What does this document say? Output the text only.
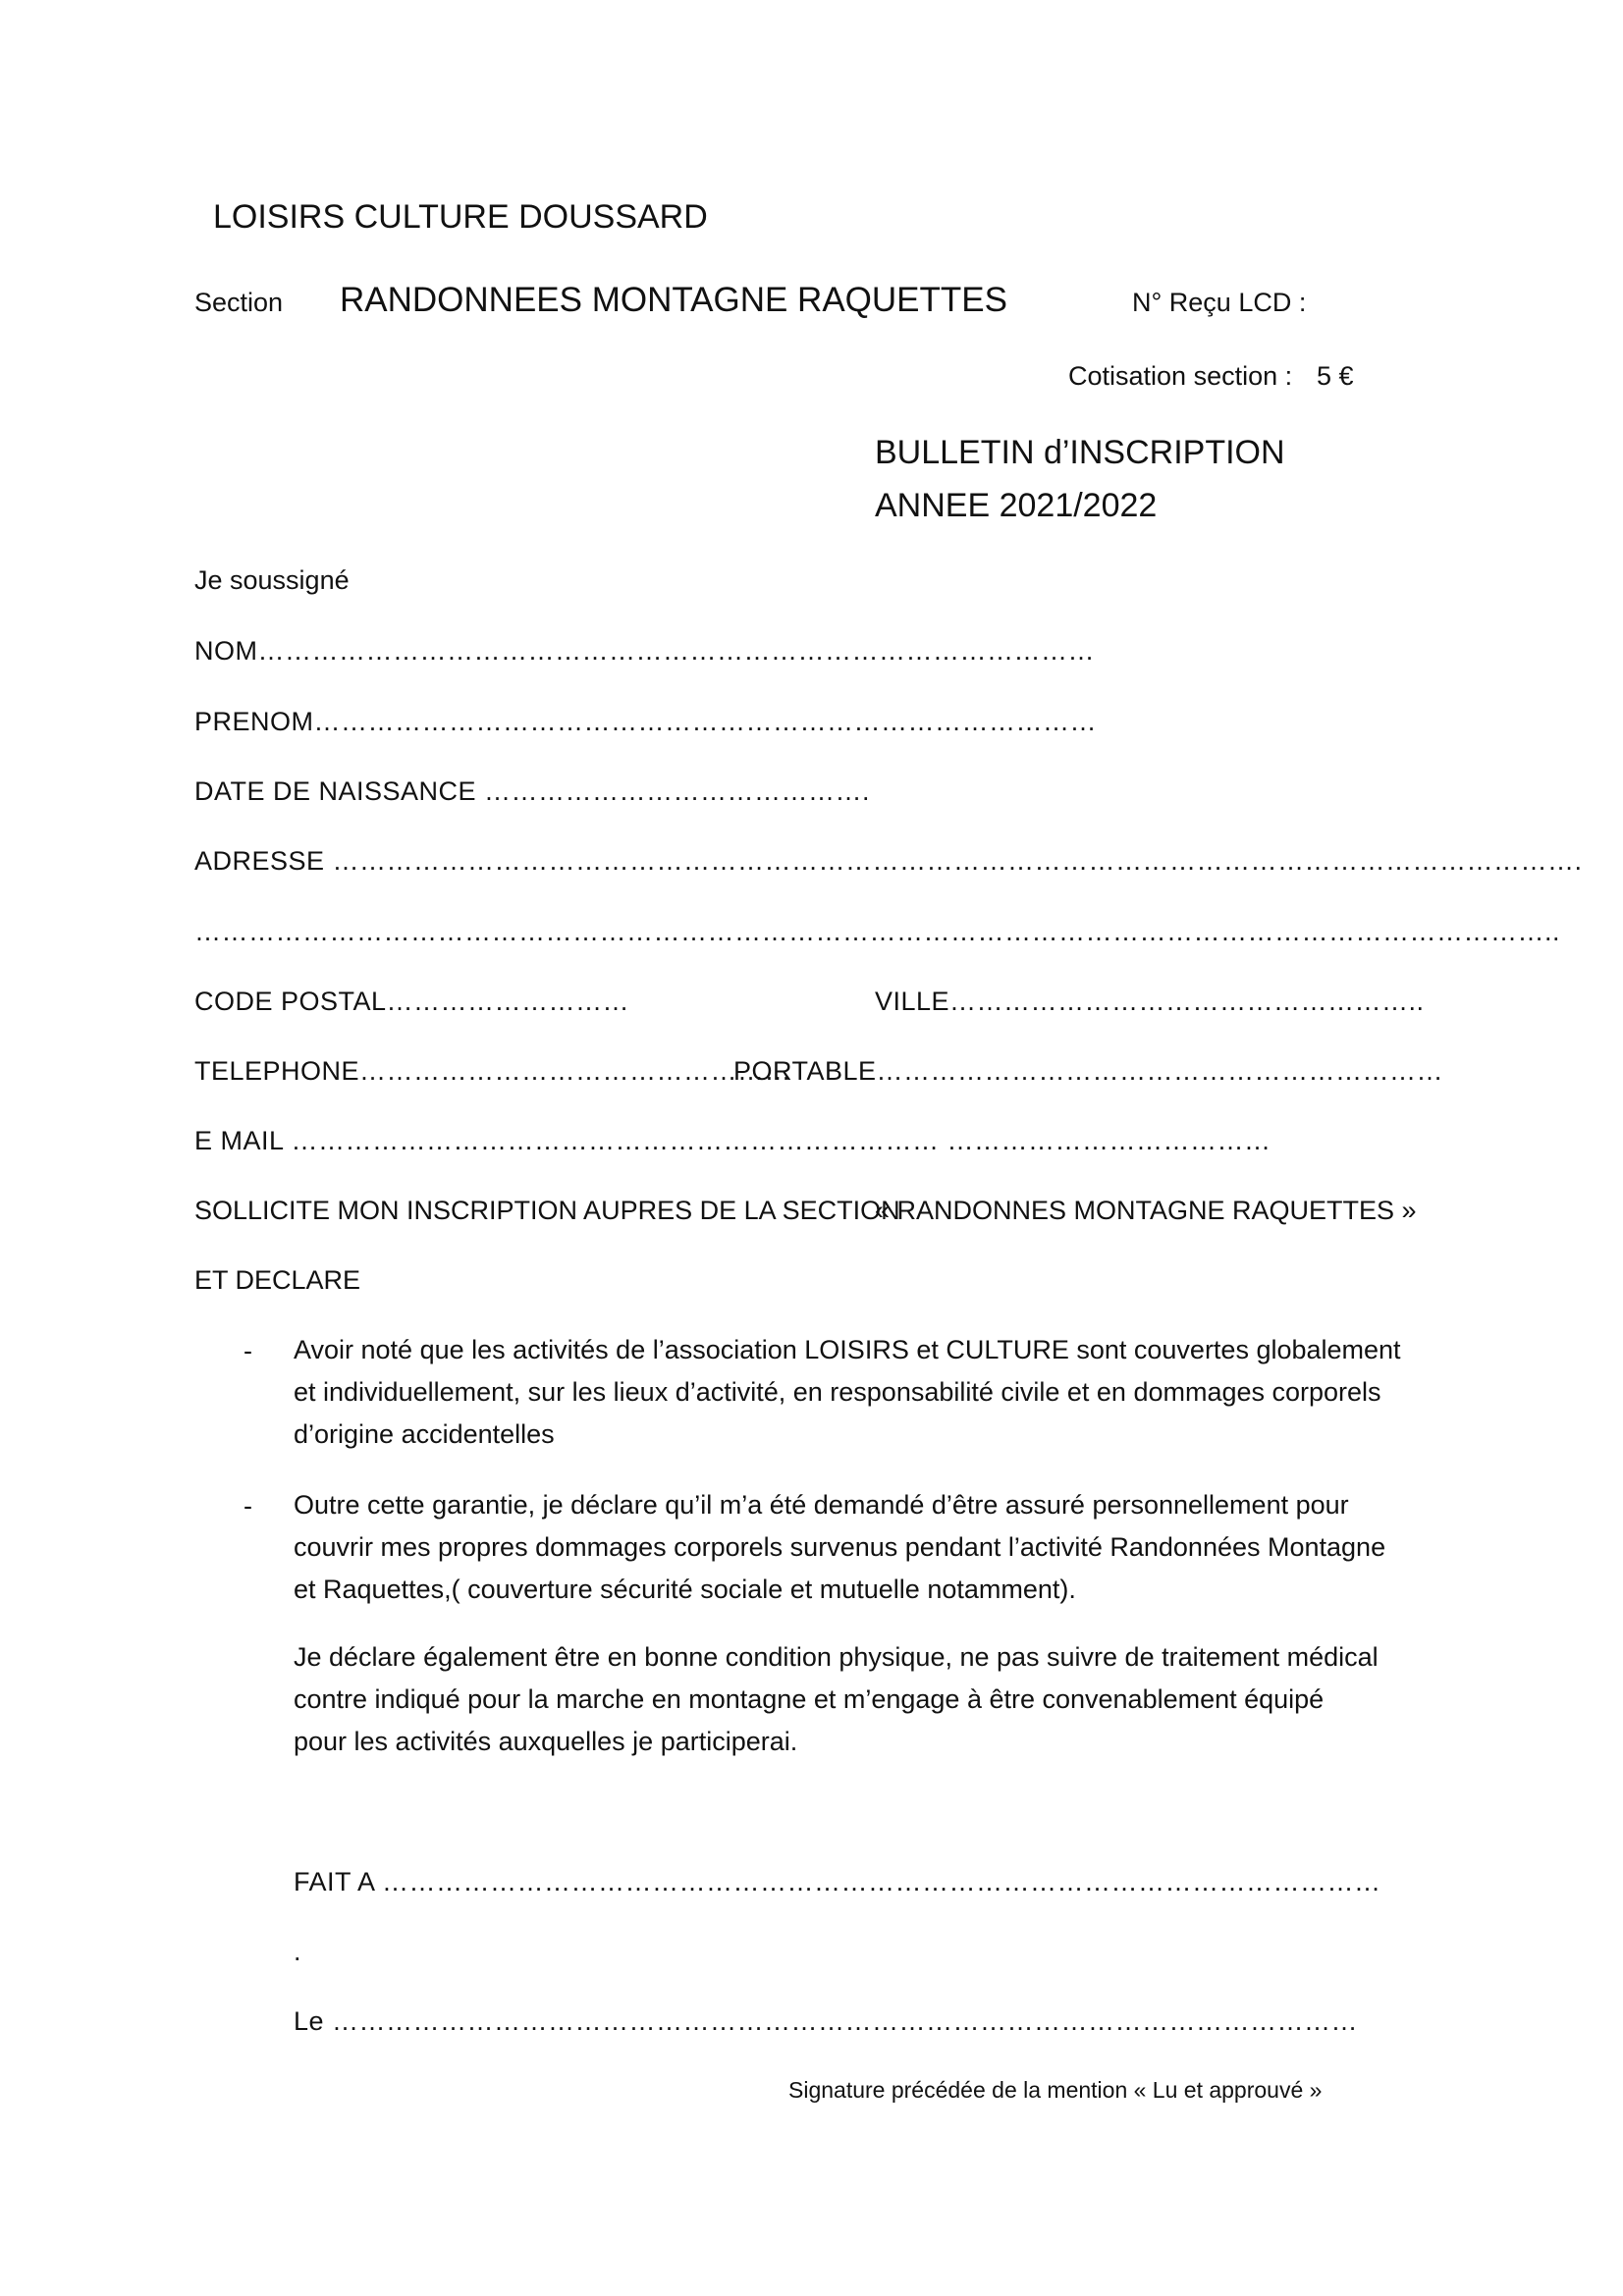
LOISIRS CULTURE DOUSSARD
Section RANDONNEES MONTAGNE RAQUETTES	N° Reçu LCD :
Cotisation section : 5 €
BULLETIN d’INSCRIPTION
ANNEE 2021/2022
Je soussigné
NOM…………………………………………………………………………………
PRENOM……………………………………………………………………………
DATE DE NAISSANCE …………………………………….
ADRESSE ………………………………………………………………………………………………………………………….
……………………………………………………………………………………………………………………………………..
CODE POSTAL………………………	VILLE……………………………………………..
TELEPHONE…………………………………………
PORTABLE………………………………………………………
E MAIL ……………………………………………………………… ………………………………
SOLLICITE MON INSCRIPTION AUPRES DE LA SECTION
« RANDONNES MONTAGNE RAQUETTES »
ET DECLARE
- Avoir noté que les activités de l’association LOISIRS et CULTURE sont couvertes globalement
et individuellement, sur les lieux d’activité, en responsabilité civile et en dommages corporels
d’origine accidentelles
- Outre cette garantie, je déclare qu’il m’a été demandé d’être assuré personnellement pour
couvrir mes propres dommages corporels survenus pendant l’activité Randonnées Montagne
et Raquettes,( couverture sécurité sociale et mutuelle notamment).
Je déclare également être en bonne condition physique, ne pas suivre de traitement médical
contre indiqué pour la marche en montagne et m’engage à être convenablement équipé
pour les activités auxquelles je participerai.
FAIT A …………………………………………………………………………………………………
.
Le ……………………………………………………………………………………………………
Signature précédée de la mention « Lu et approuvé »
